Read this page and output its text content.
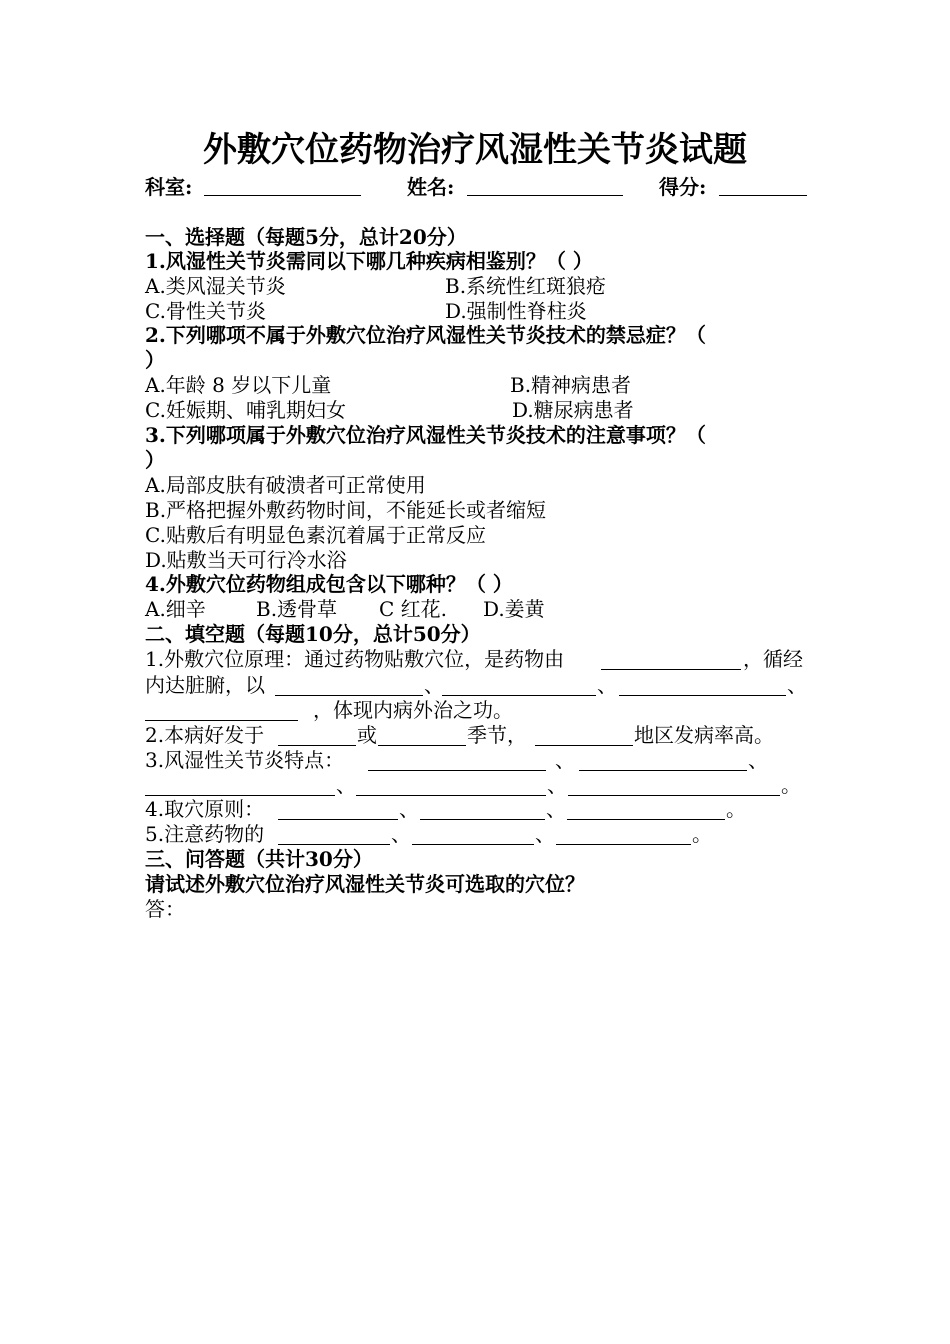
外敷穴位药物治疗风湿性关节炎试题
科室:	姓名:	得分:
一、选择题（每题5分，总计20分）
1.风湿性关节炎需同以下哪几种疾病相鉴别？（ ）
A.类风湿关节炎	B.系统性红斑狼疮
C.骨性关节炎	D.强制性脊柱炎
2.下列哪项不属于外敷穴位治疗风湿性关节炎技术的禁忌症？（
）
A.年龄 8 岁以下儿童	B.精神病患者
C.妊娠期、哺乳期妇女	D.糖尿病患者
3.下列哪项属于外敷穴位治疗风湿性关节炎技术的注意事项？（
）
A.局部皮肤有破溃者可正常使用
B.严格把握外敷药物时间，不能延长或者缩短
C.贴敷后有明显色素沉着属于正常反应
D.贴敷当天可行冷水浴
4.外敷穴位药物组成包含以下哪种？（ ）
A.细辛	B.透骨草 C 红花. D.姜黄
二、填空题（每题10分，总计50分）
1.外敷穴位原理：通过药物贴敷穴位，是药物由	，循经
内达脏腑，以	、	、	、
，体现内病外治之功。
2.本病好发于	或	季节，	地区发病率高。
3.风湿性关节炎特点：	、	、
、	、	。
4.取穴原则：	、	、	。
5.注意药物的	、	、	。
三、问答题（共计30分）
请试述外敷穴位治疗风湿性关节炎可选取的穴位？
答：
